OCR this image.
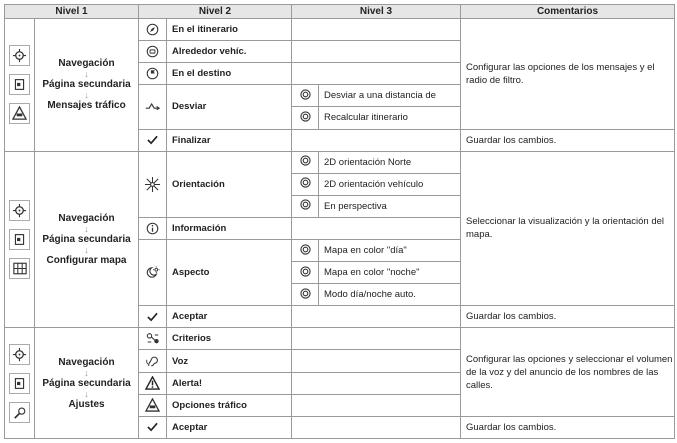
Nivel 1		Nivel 2		Nivel 3		Comentarios

Navegación
↓
Página secundaria
↓
Mensajes tráfico		En el itinerario			Configurar las opciones de los mensajes y el radio de filtro.

	Alrededor vehíc.			

	En el destino			

	Desviar		Desviar a una distancia de	
	Recalcular itinerario	

	Finalizar			Guardar los cambios.

Navegación
↓
Página secundaria
↓
Configurar mapa		Orientación		2D orientación Norte	Seleccionar la visualización y la orientación del mapa.
	2D orientación vehículo	
	En perspectiva	

	Información			

	Aspecto		Mapa en color "día"	
	Mapa en color "noche"	
	Modo día/noche auto.	

	Aceptar			Guardar los cambios.

Navegación
↓
Página secundaria
↓
Ajustes		Criterios			Configurar las opciones y seleccionar el volumen de la voz y del anuncio de los nombres de las calles.

	Voz			

	Alerta!			

	Opciones tráfico			

	Aceptar			Guardar los cambios.
